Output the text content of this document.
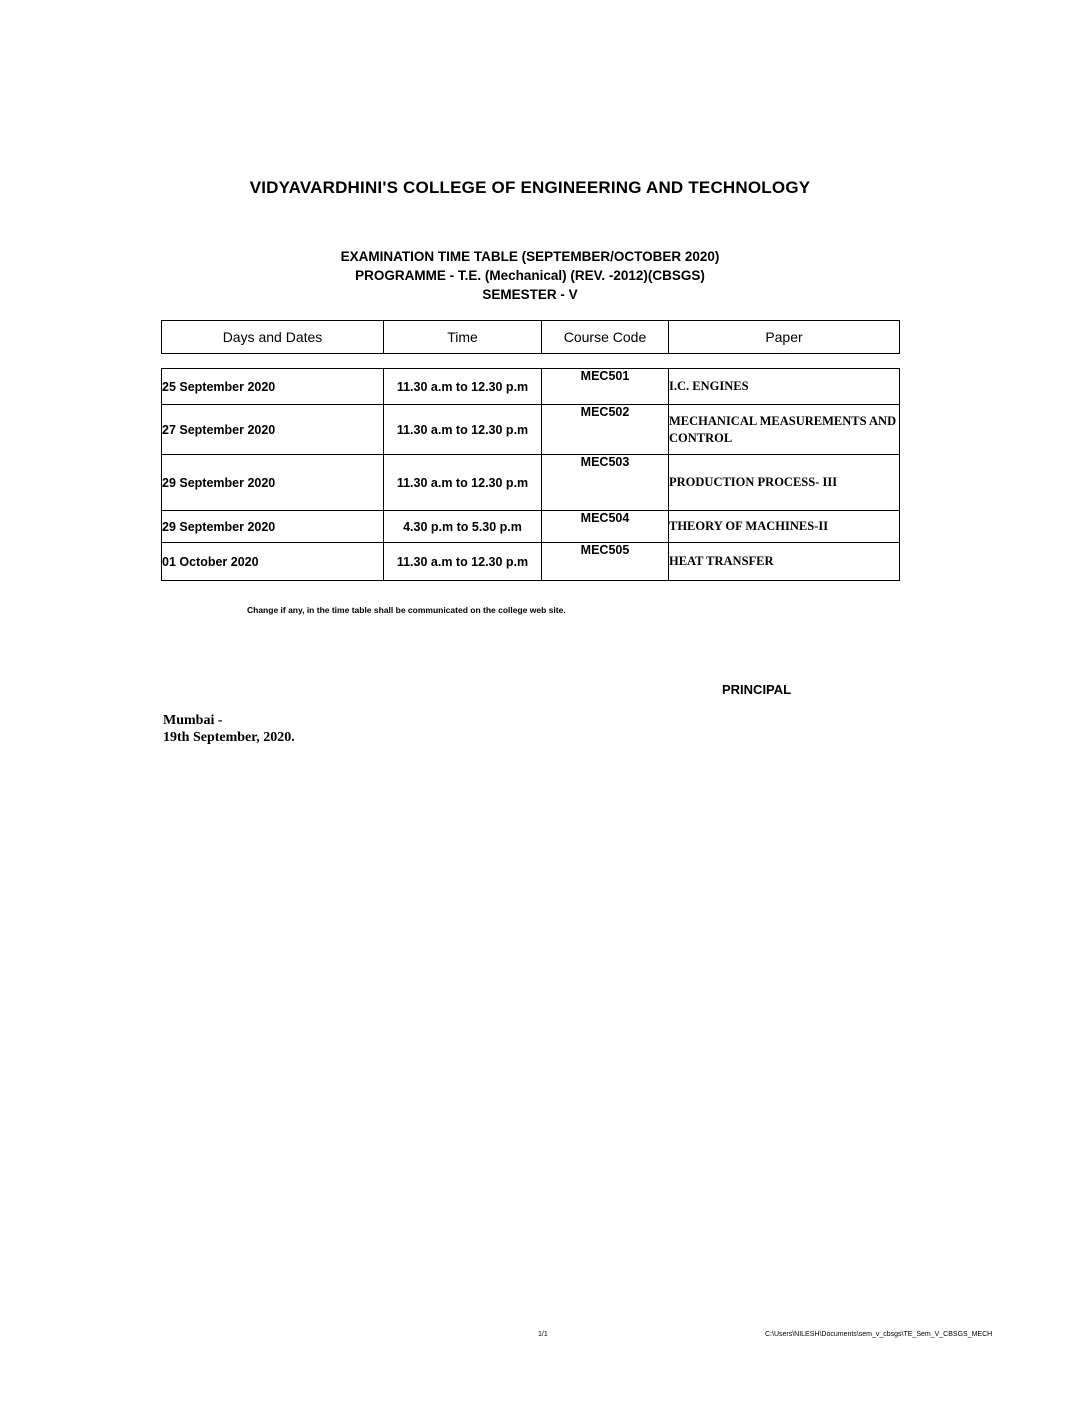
VIDYAVARDHINI'S COLLEGE OF ENGINEERING AND TECHNOLOGY
EXAMINATION TIME TABLE (SEPTEMBER/OCTOBER 2020)
PROGRAMME - T.E. (Mechanical) (REV. -2012)(CBSGS)
SEMESTER - V
Days and Dates	Time	Course Code	Paper
25 September 2020	11.30 a.m to 12.30 p.m	MEC501	I.C. ENGINES
27 September 2020	11.30 a.m to 12.30 p.m	MEC502	MECHANICAL MEASUREMENTS AND CONTROL
29 September 2020	11.30 a.m to 12.30 p.m	MEC503	PRODUCTION PROCESS- III
29 September 2020	4.30 p.m to 5.30 p.m	MEC504	THEORY OF MACHINES-II
01 October 2020	11.30 a.m to 12.30 p.m	MEC505	HEAT TRANSFER
Change if any, in the time table shall be communicated on the college web site.
PRINCIPAL
Mumbai -
19th September, 2020.
1/1	C:\Users\NILESH\Documents\sem_v_cbsgs\TE_Sem_V_CBSGS_MECH
